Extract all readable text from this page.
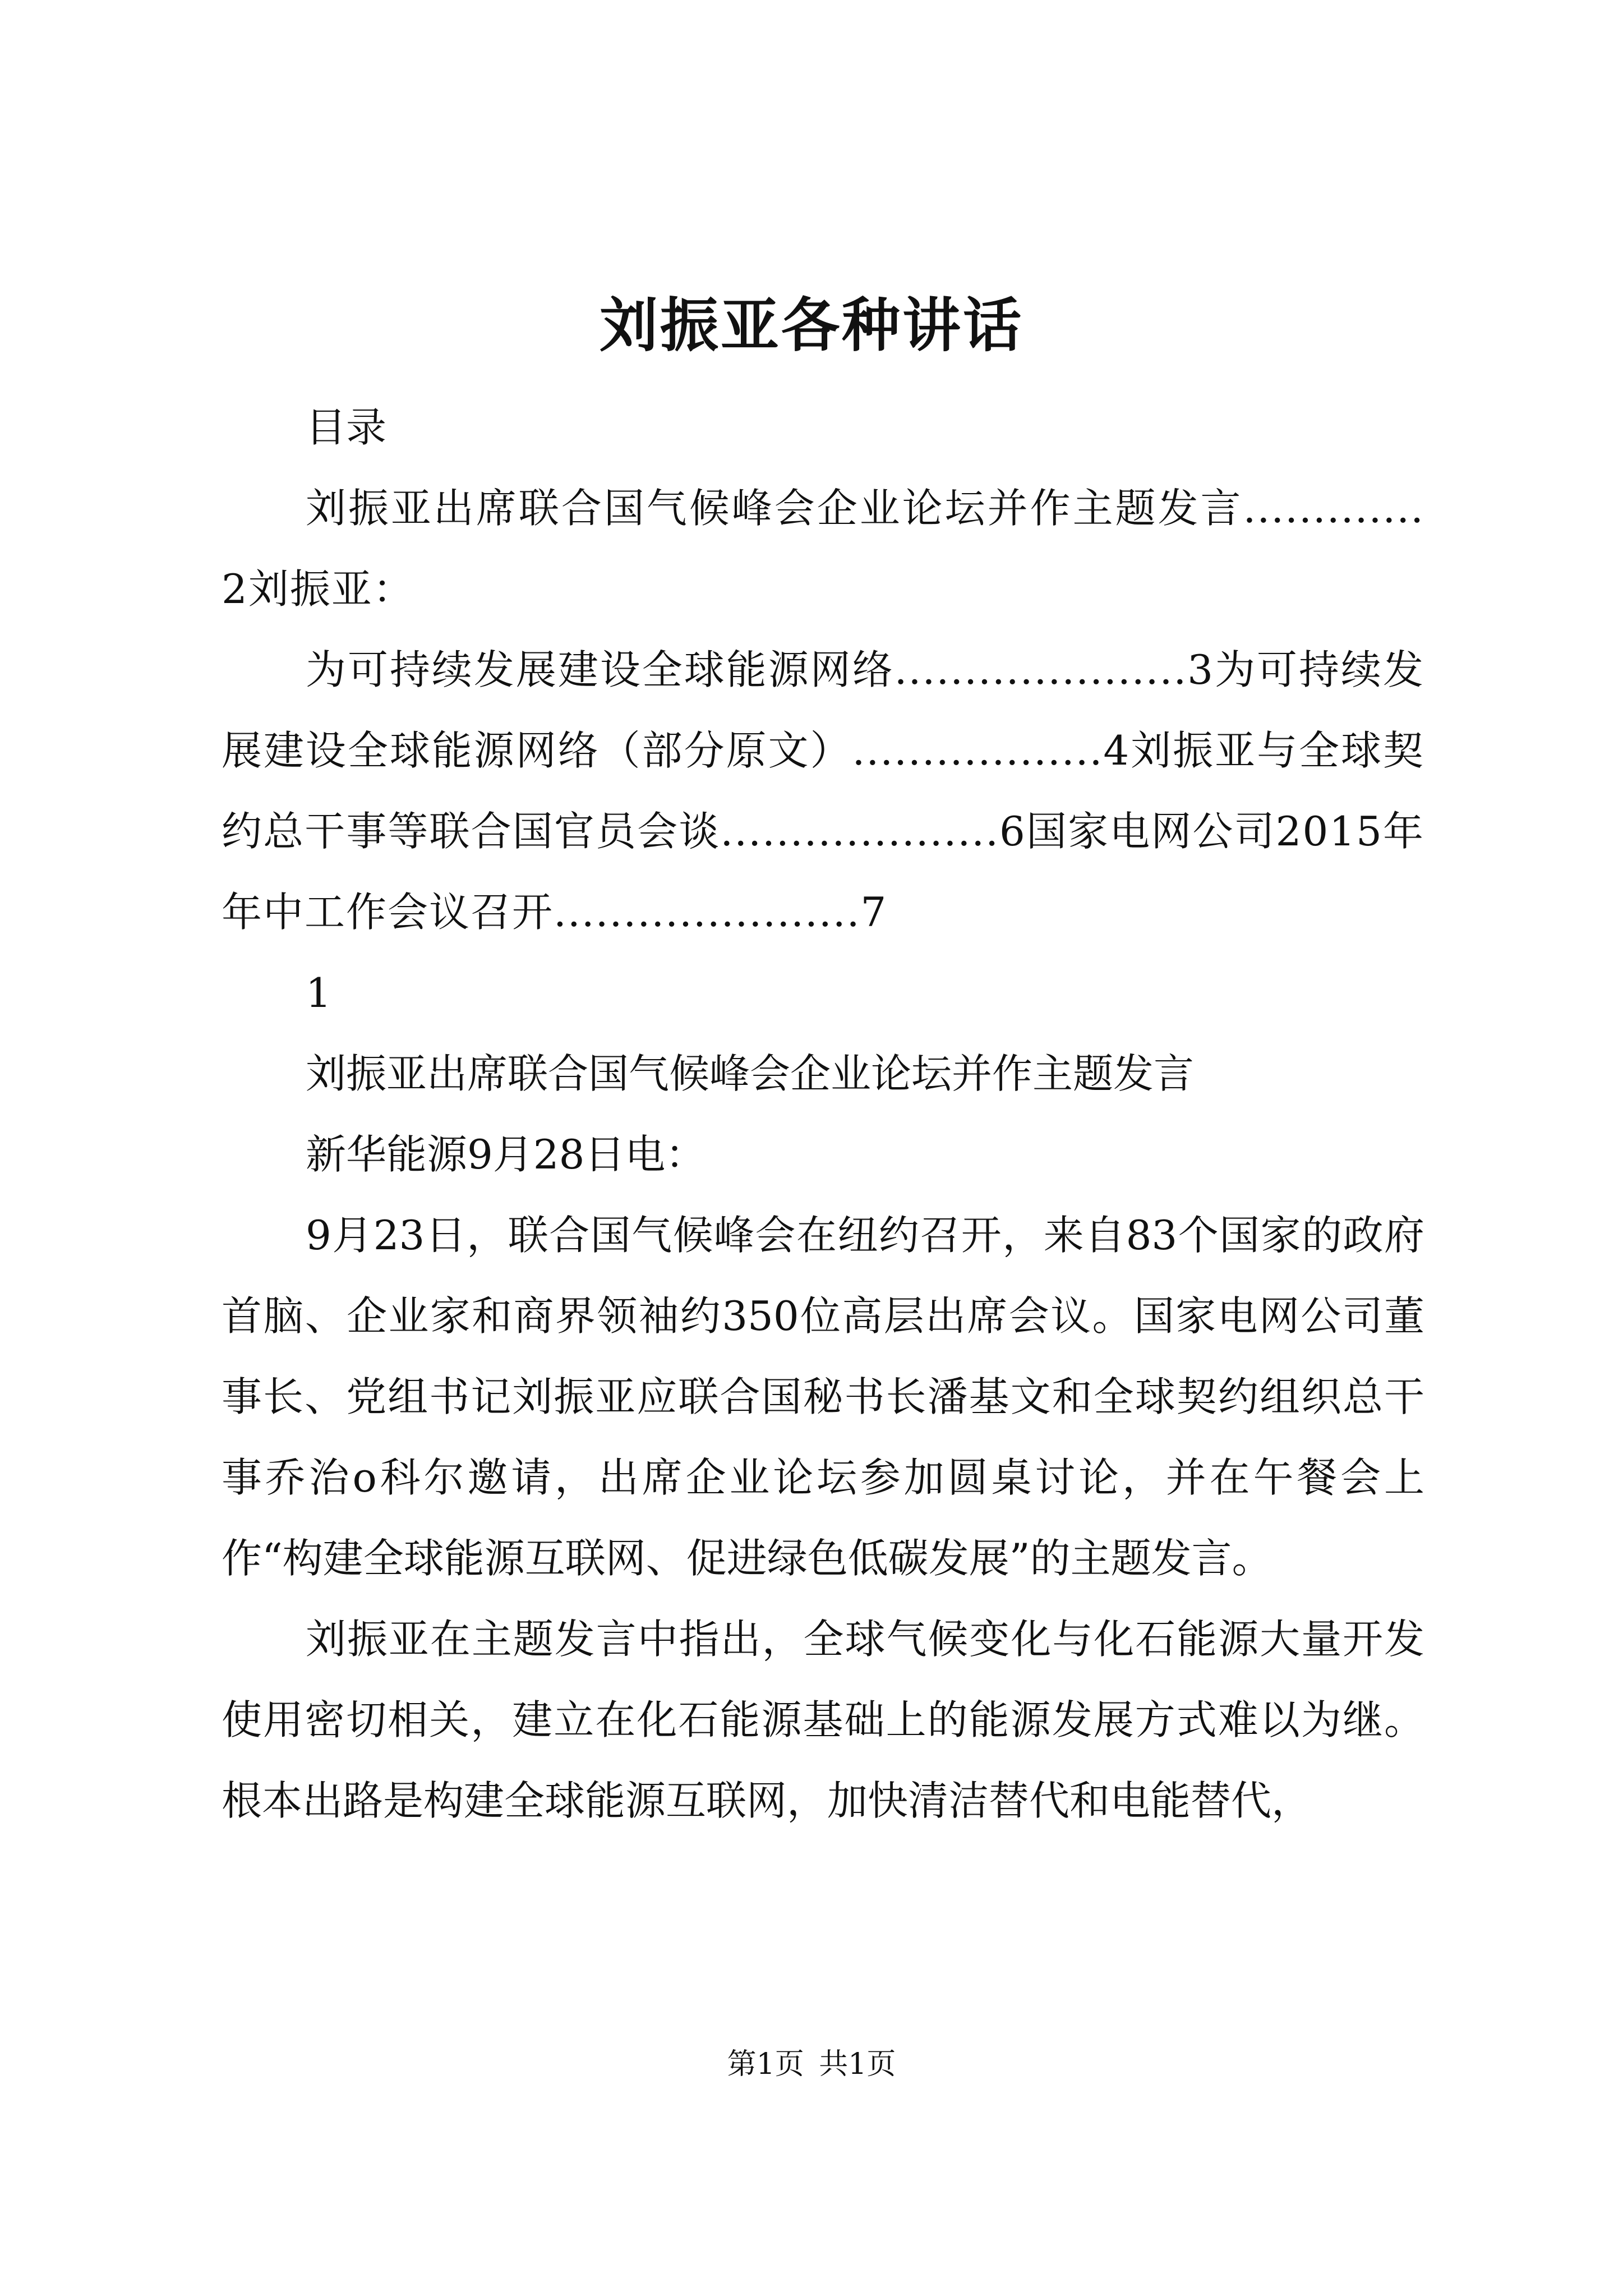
刘振亚各种讲话

目录

刘振亚出席联合国气候峰会企业论坛并作主题发言.............2刘振亚：

为可持续发展建设全球能源网络.....................3为可持续发展建设全球能源网络（部分原文）..................4刘振亚与全球契约总干事等联合国官员会谈....................6国家电网公司2015年年中工作会议召开......................7

1

刘振亚出席联合国气候峰会企业论坛并作主题发言

新华能源9月28日电：

9月23日，联合国气候峰会在纽约召开，来自83个国家的政府首脑、企业家和商界领袖约350位高层出席会议。国家电网公司董事长、党组书记刘振亚应联合国秘书长潘基文和全球契约组织总干事乔治o科尔邀请，出席企业论坛参加圆桌讨论，并在午餐会上作“构建全球能源互联网、促进绿色低碳发展”的主题发言。

刘振亚在主题发言中指出，全球气候变化与化石能源大量开发使用密切相关，建立在化石能源基础上的能源发展方式难以为继。根本出路是构建全球能源互联网，加快清洁替代和电能替代，

第1页 共1页
